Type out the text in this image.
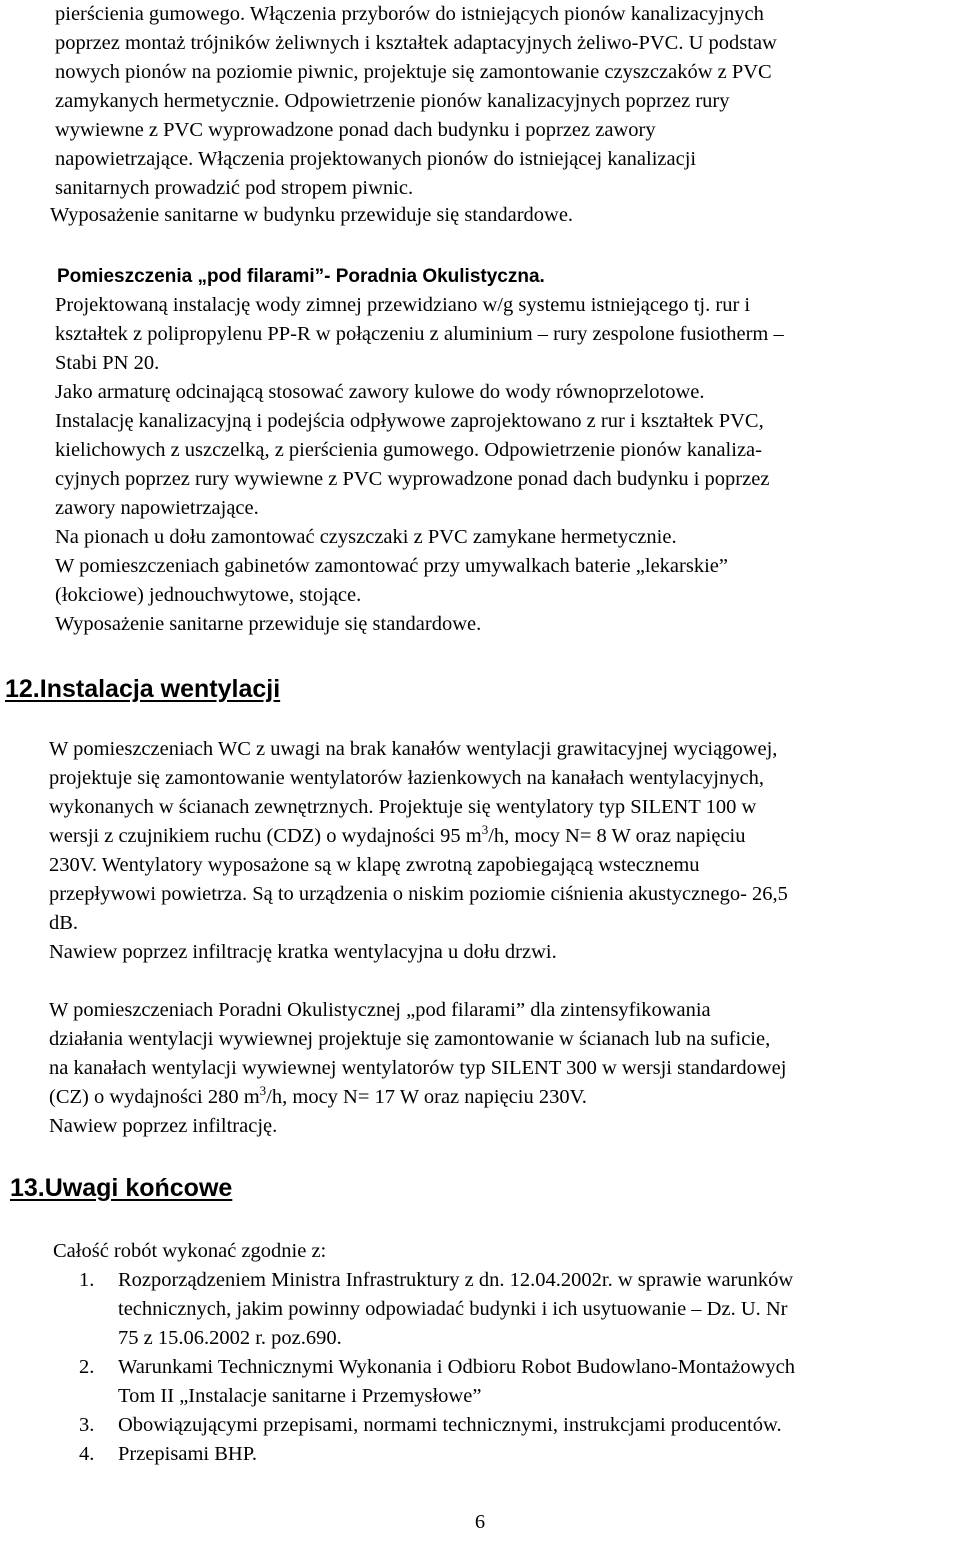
pierścienia gumowego. Włączenia przyborów do istniejących pionów kanalizacyjnych
poprzez montaż trójników żeliwnych i kształtek adaptacyjnych żeliwo-PVC. U podstaw
nowych pionów na poziomie piwnic, projektuje się zamontowanie czyszczaków z PVC
zamykanych hermetycznie. Odpowietrzenie pionów kanalizacyjnych poprzez rury
wywiewne z PVC wyprowadzone ponad dach budynku i poprzez zawory
napowietrzające. Włączenia projektowanych pionów do istniejącej kanalizacji
sanitarnych prowadzić pod stropem piwnic.

Wyposażenie sanitarne w budynku przewiduje się standardowe.

Pomieszczenia „pod filarami”- Poradnia Okulistyczna.

Projektowaną instalację wody zimnej przewidziano w/g systemu istniejącego tj. rur i
kształtek z polipropylenu PP-R w połączeniu z aluminium – rury zespolone fusiotherm –
Stabi PN 20.

Jako armaturę odcinającą stosować zawory kulowe do wody równoprzelotowe.

Instalację kanalizacyjną i podejścia odpływowe zaprojektowano z rur i kształtek PVC,
kielichowych z uszczelką, z pierścienia gumowego. Odpowietrzenie pionów kanaliza-
cyjnych poprzez rury wywiewne z PVC wyprowadzone ponad dach budynku i poprzez
zawory napowietrzające.

Na pionach u dołu zamontować czyszczaki z PVC zamykane hermetycznie.

W pomieszczeniach gabinetów zamontować przy umywalkach baterie „lekarskie”
(łokciowe) jednouchwytowe, stojące.

Wyposażenie sanitarne przewiduje się standardowe.

12.Instalacja wentylacji
W pomieszczeniach WC z uwagi na brak kanałów wentylacji grawitacyjnej wyciągowej,
projektuje się zamontowanie wentylatorów łazienkowych na kanałach wentylacyjnych,
wykonanych w ścianach zewnętrznych. Projektuje się wentylatory typ SILENT 100 w
wersji z czujnikiem ruchu (CDZ) o wydajności 95 $m^3/h$, mocy N= 8 W oraz napięciu
230V. Wentylatory wyposażone są w klapę zwrotną zapobiegającą wstecznemu
przepływowi powietrza. Są to urządzenia o niskim poziomie ciśnienia akustycznego- 26,5
dB.
Nawiew poprzez infiltrację kratka wentylacyjna u dołu drzwi.
W pomieszczeniach Poradni Okulistycznej „pod filarami” dla zintensyfikowania
działania wentylacji wywiewnej projektuje się zamontowanie w ścianach lub na suficie,
na kanałach wentylacji wywiewnej wentylatorów typ SILENT 300 w wersji standardowej
(CZ) o wydajności 280 $m^3/h$, mocy N= 17 W oraz napięciu 230V.
Nawiew poprzez infiltrację.
13.Uwagi końcowe

Całość robót wykonać zgodnie z:

1. Rozporządzeniem Ministra Infrastruktury z dn. 12.04.2002r. w sprawie warunków
technicznych, jakim powinny odpowiadać budynki i ich usytuowanie – Dz. U. Nr
75 z 15.06.2002 r. poz.690.
2. Warunkami Technicznymi Wykonania i Odbioru Robot Budowlano-Montażowych
Tom II „Instalacje sanitarne i Przemysłowe”
3. Obowiązującymi przepisami, normami technicznymi, instrukcjami producentów.
4. Przepisami BHP.
6
